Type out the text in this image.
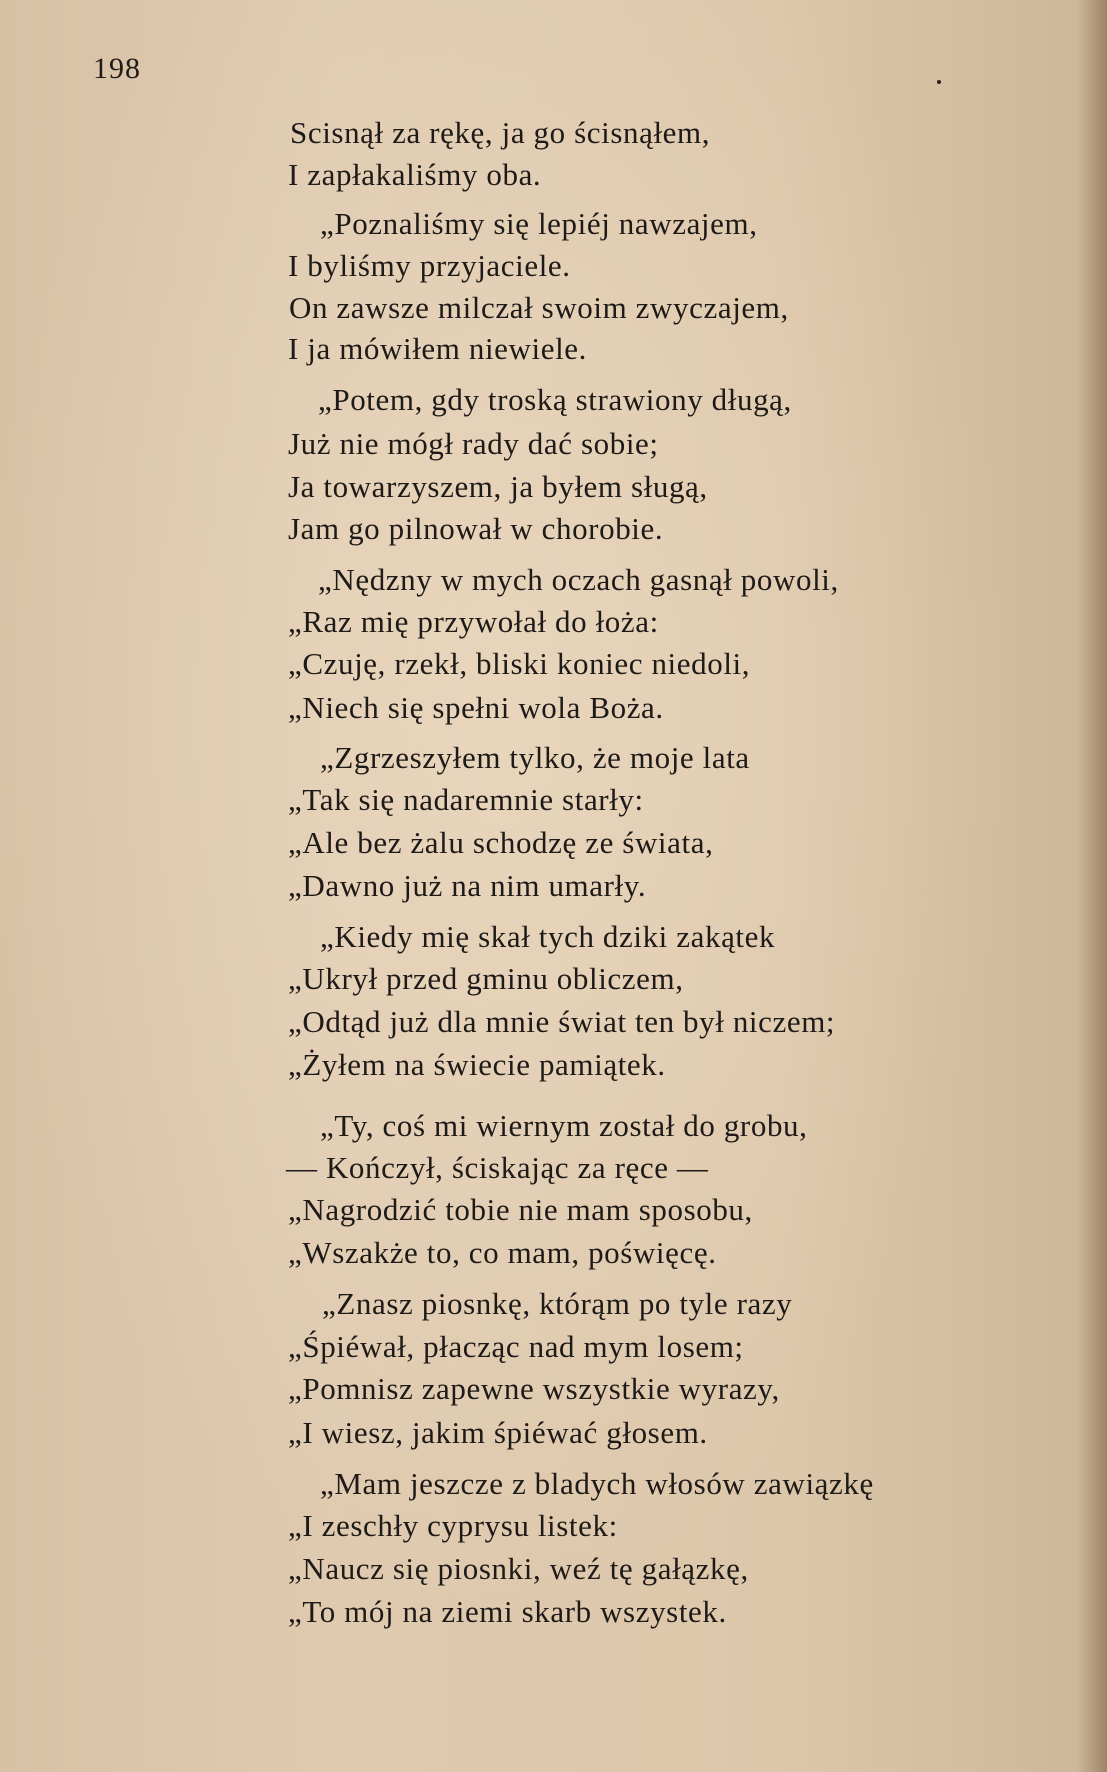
198
Scisnął za rękę, ja go ścisnąłem,
I zapłakaliśmy oba.
„Poznaliśmy się lepiéj nawzajem,
I byliśmy przyjaciele.
On zawsze milczał swoim zwyczajem,
I ja mówiłem niewiele.
„Potem, gdy troską strawiony długą,
Już nie mógł rady dać sobie;
Ja towarzyszem, ja byłem sługą,
Jam go pilnował w chorobie.
„Nędzny w mych oczach gasnął powoli,
„Raz mię przywołał do łoża:
„Czuję, rzekł, bliski koniec niedoli,
„Niech się spełni wola Boża.
„Zgrzeszyłem tylko, że moje lata
„Tak się nadaremnie starły:
„Ale bez żalu schodzę ze świata,
„Dawno już na nim umarły.
„Kiedy mię skał tych dziki zakątek
„Ukrył przed gminu obliczem,
„Odtąd już dla mnie świat ten był niczem;
„Żyłem na świecie pamiątek.
„Ty, coś mi wiernym został do grobu,
— Kończył, ściskając za ręce —
„Nagrodzić tobie nie mam sposobu,
„Wszakże to, co mam, poświęcę.
„Znasz piosnkę, którąm po tyle razy
„Śpiéwał, płacząc nad mym losem;
„Pomnisz zapewne wszystkie wyrazy,
„I wiesz, jakim śpiéwać głosem.
„Mam jeszcze z bladych włosów zawiązkę
„I zeschły cyprysu listek:
„Naucz się piosnki, weź tę gałązkę,
„To mój na ziemi skarb wszystek.
